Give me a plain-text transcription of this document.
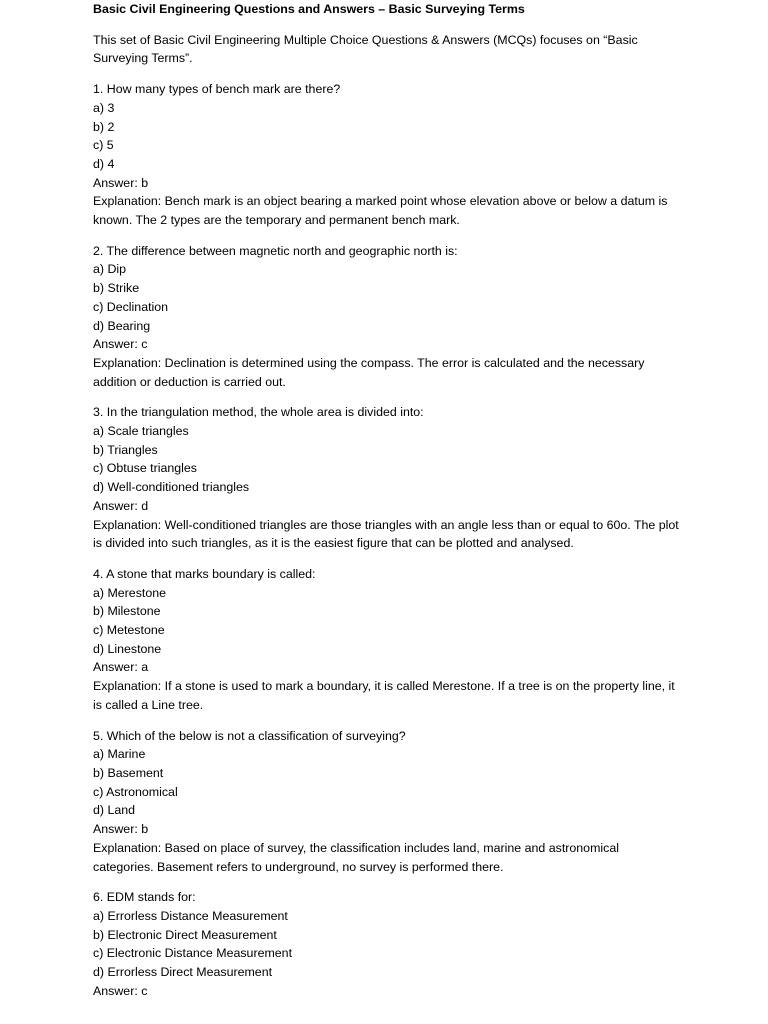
Basic Civil Engineering Questions and Answers – Basic Surveying Terms
This set of Basic Civil Engineering Multiple Choice Questions & Answers (MCQs) focuses on “Basic Surveying Terms”.
1. How many types of bench mark are there?
a) 3
b) 2
c) 5
d) 4
Answer: b
Explanation: Bench mark is an object bearing a marked point whose elevation above or below a datum is known. The 2 types are the temporary and permanent bench mark.
2. The difference between magnetic north and geographic north is:
a) Dip
b) Strike
c) Declination
d) Bearing
Answer: c
Explanation: Declination is determined using the compass. The error is calculated and the necessary addition or deduction is carried out.
3. In the triangulation method, the whole area is divided into:
a) Scale triangles
b) Triangles
c) Obtuse triangles
d) Well-conditioned triangles
Answer: d
Explanation: Well-conditioned triangles are those triangles with an angle less than or equal to 60o. The plot is divided into such triangles, as it is the easiest figure that can be plotted and analysed.
4. A stone that marks boundary is called:
a) Merestone
b) Milestone
c) Metestone
d) Linestone
Answer: a
Explanation: If a stone is used to mark a boundary, it is called Merestone. If a tree is on the property line, it is called a Line tree.
5. Which of the below is not a classification of surveying?
a) Marine
b) Basement
c) Astronomical
d) Land
Answer: b
Explanation: Based on place of survey, the classification includes land, marine and astronomical categories. Basement refers to underground, no survey is performed there.
6. EDM stands for:
a) Errorless Distance Measurement
b) Electronic Direct Measurement
c) Electronic Distance Measurement
d) Errorless Direct Measurement
Answer: c
